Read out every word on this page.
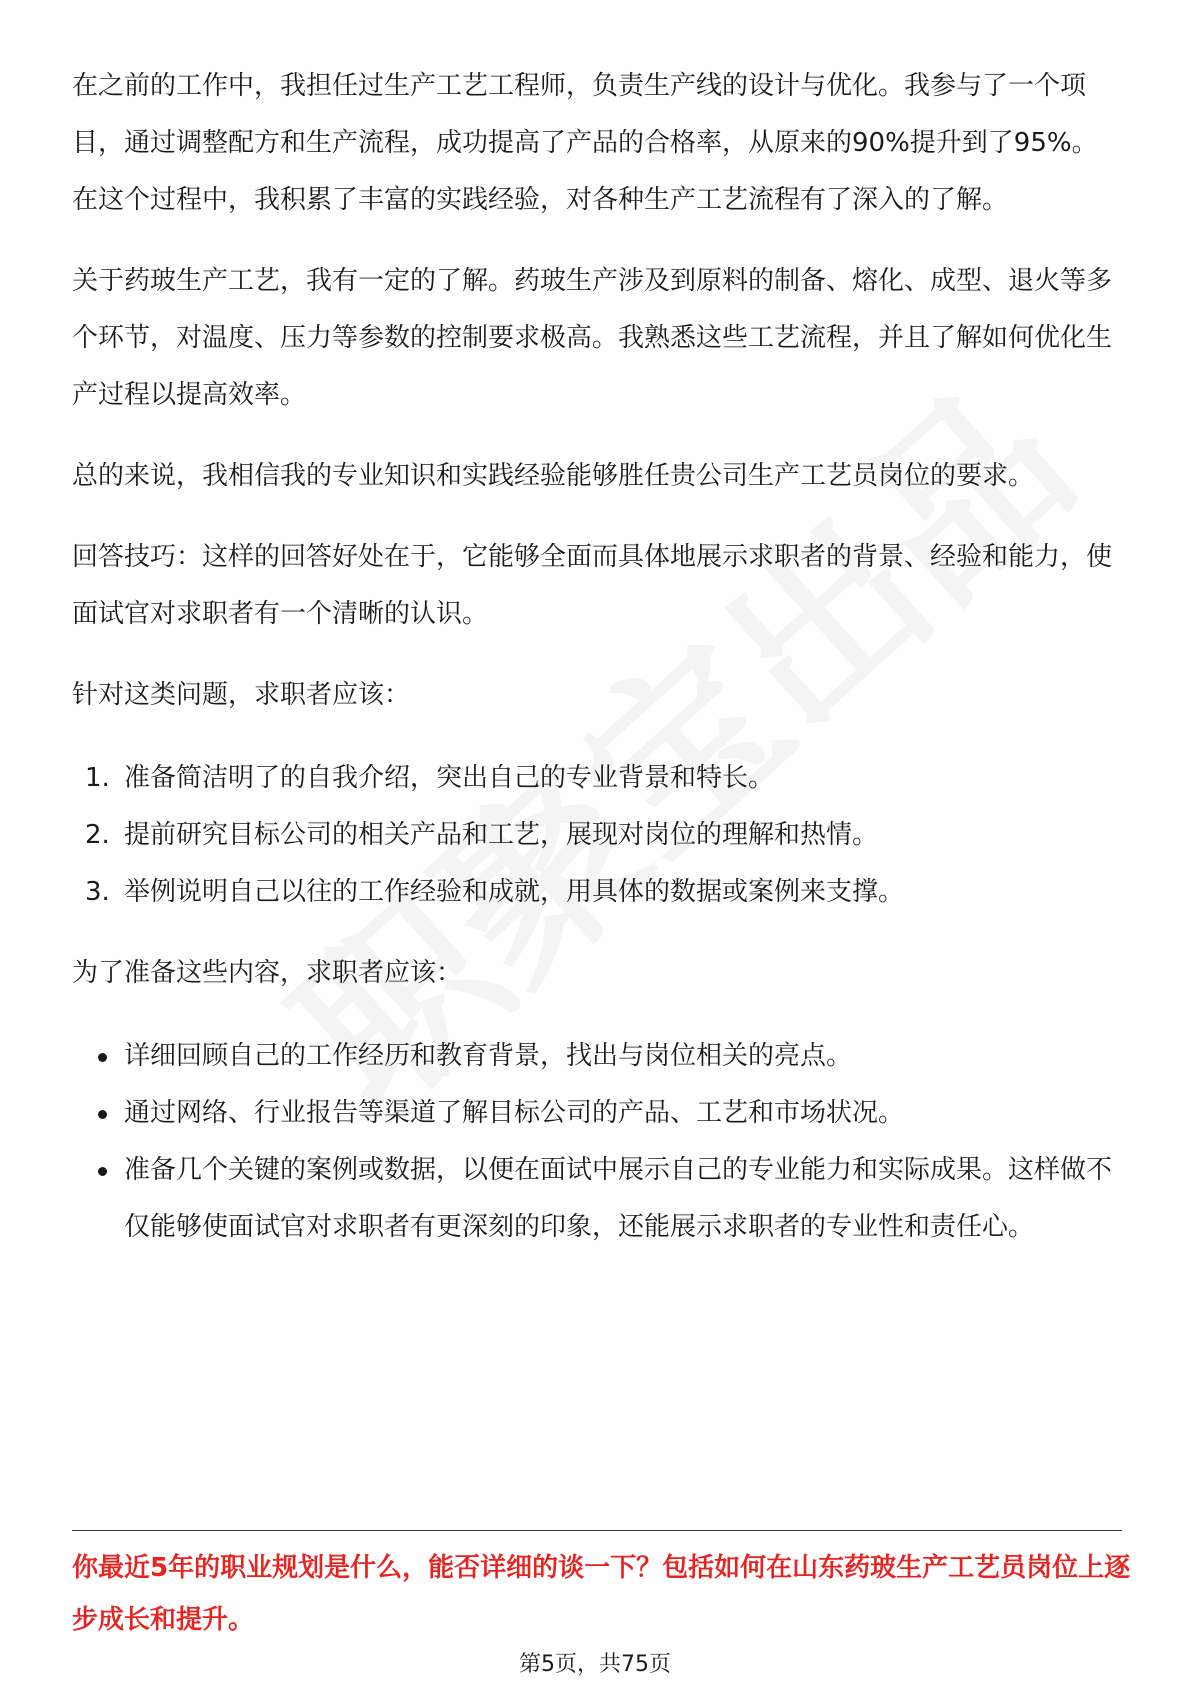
在之前的工作中，我担任过生产工艺工程师，负责生产线的设计与优化。我参与了一个项目，通过调整配方和生产流程，成功提高了产品的合格率，从原来的90%提升到了95%。在这个过程中，我积累了丰富的实践经验，对各种生产工艺流程有了深入的了解。

关于药玻生产工艺，我有一定的了解。药玻生产涉及到原料的制备、熔化、成型、退火等多个环节，对温度、压力等参数的控制要求极高。我熟悉这些工艺流程，并且了解如何优化生产过程以提高效率。

总的来说，我相信我的专业知识和实践经验能够胜任贵公司生产工艺员岗位的要求。

回答技巧：这样的回答好处在于，它能够全面而具体地展示求职者的背景、经验和能力，使面试官对求职者有一个清晰的认识。

针对这类问题，求职者应该：

1. 准备简洁明了的自我介绍，突出自己的专业背景和特长。
2. 提前研究目标公司的相关产品和工艺，展现对岗位的理解和热情。
3. 举例说明自己以往的工作经验和成就，用具体的数据或案例来支撑。

为了准备这些内容，求职者应该：

详细回顾自己的工作经历和教育背景，找出与岗位相关的亮点。
通过网络、行业报告等渠道了解目标公司的产品、工艺和市场状况。
准备几个关键的案例或数据，以便在面试中展示自己的专业能力和实际成果。这样做不仅能够使面试官对求职者有更深刻的印象，还能展示求职者的专业性和责任心。
你最近5年的职业规划是什么，能否详细的谈一下？包括如何在山东药玻生产工艺员岗位上逐步成长和提升。
第5页，共75页
